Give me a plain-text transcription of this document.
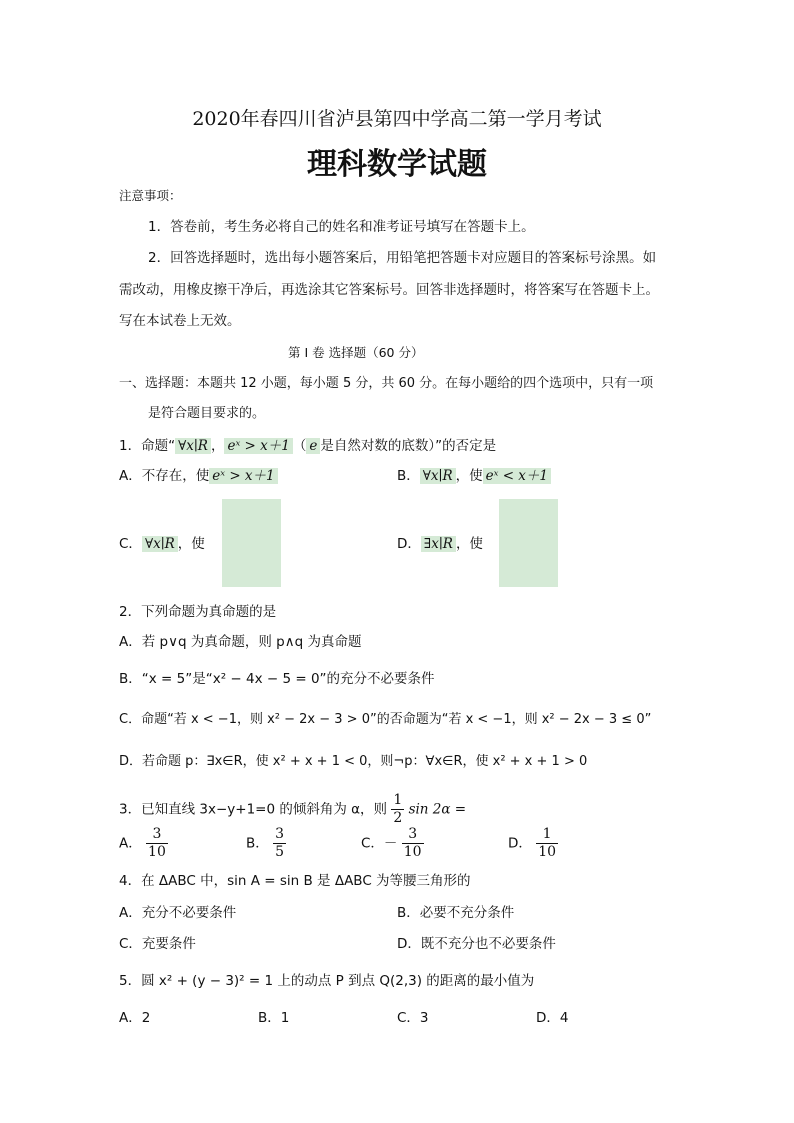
2020年春四川省泸县第四中学高二第一学月考试
理科数学试题
注意事项：
1．答卷前，考生务必将自己的姓名和准考证号填写在答题卡上。
2．回答选择题时，选出每小题答案后，用铅笔把答题卡对应题目的答案标号涂黑。如
需改动，用橡皮擦干净后，再选涂其它答案标号。回答非选择题时，将答案写在答题卡上。
写在本试卷上无效。
第 I 卷 选择题（60 分）
一、选择题：本题共 12 小题，每小题 5 分，共 60 分。在每小题给的四个选项中，只有一项
是符合题目要求的。
1．命题“ ∀x∣R ， eˣ > x＋1 （ e 是自然对数的底数）”的否定是
A．不存在，使 eˣ > x＋1	B． ∀x∣R ，使 eˣ < x＋1
C． ∀x∣R ，使	D． ∃x∣R ，使
2．下列命题为真命题的是
A．若 p∨q 为真命题，则 p∧q 为真命题
B．“x = 5”是“x² − 4x − 5 = 0”的充分不必要条件
C．命题“若 x < −1，则 x² − 2x − 3 > 0”的否命题为“若 x < −1，则 x² − 2x − 3 ≤ 0”
D．若命题 p：∃x∈R，使 x² + x + 1 < 0，则¬p：∀x∈R，使 x² + x + 1 > 0
3．已知直线 3x−y+1=0 的倾斜角为 α，则 $\frac{1}{2}$ sin 2α =
A． $\frac{3}{10}$	B． $\frac{3}{5}$	C．－ $\frac{3}{10}$	D． $\frac{1}{10}$
4．在 ΔABC 中，sin A = sin B 是 ΔABC 为等腰三角形的
A．充分不必要条件	B．必要不充分条件
C．充要条件	D．既不充分也不必要条件
5．圆 x² + (y − 3)² = 1 上的动点 P 到点 Q(2,3) 的距离的最小值为
A．2	B．1	C．3	D．4
